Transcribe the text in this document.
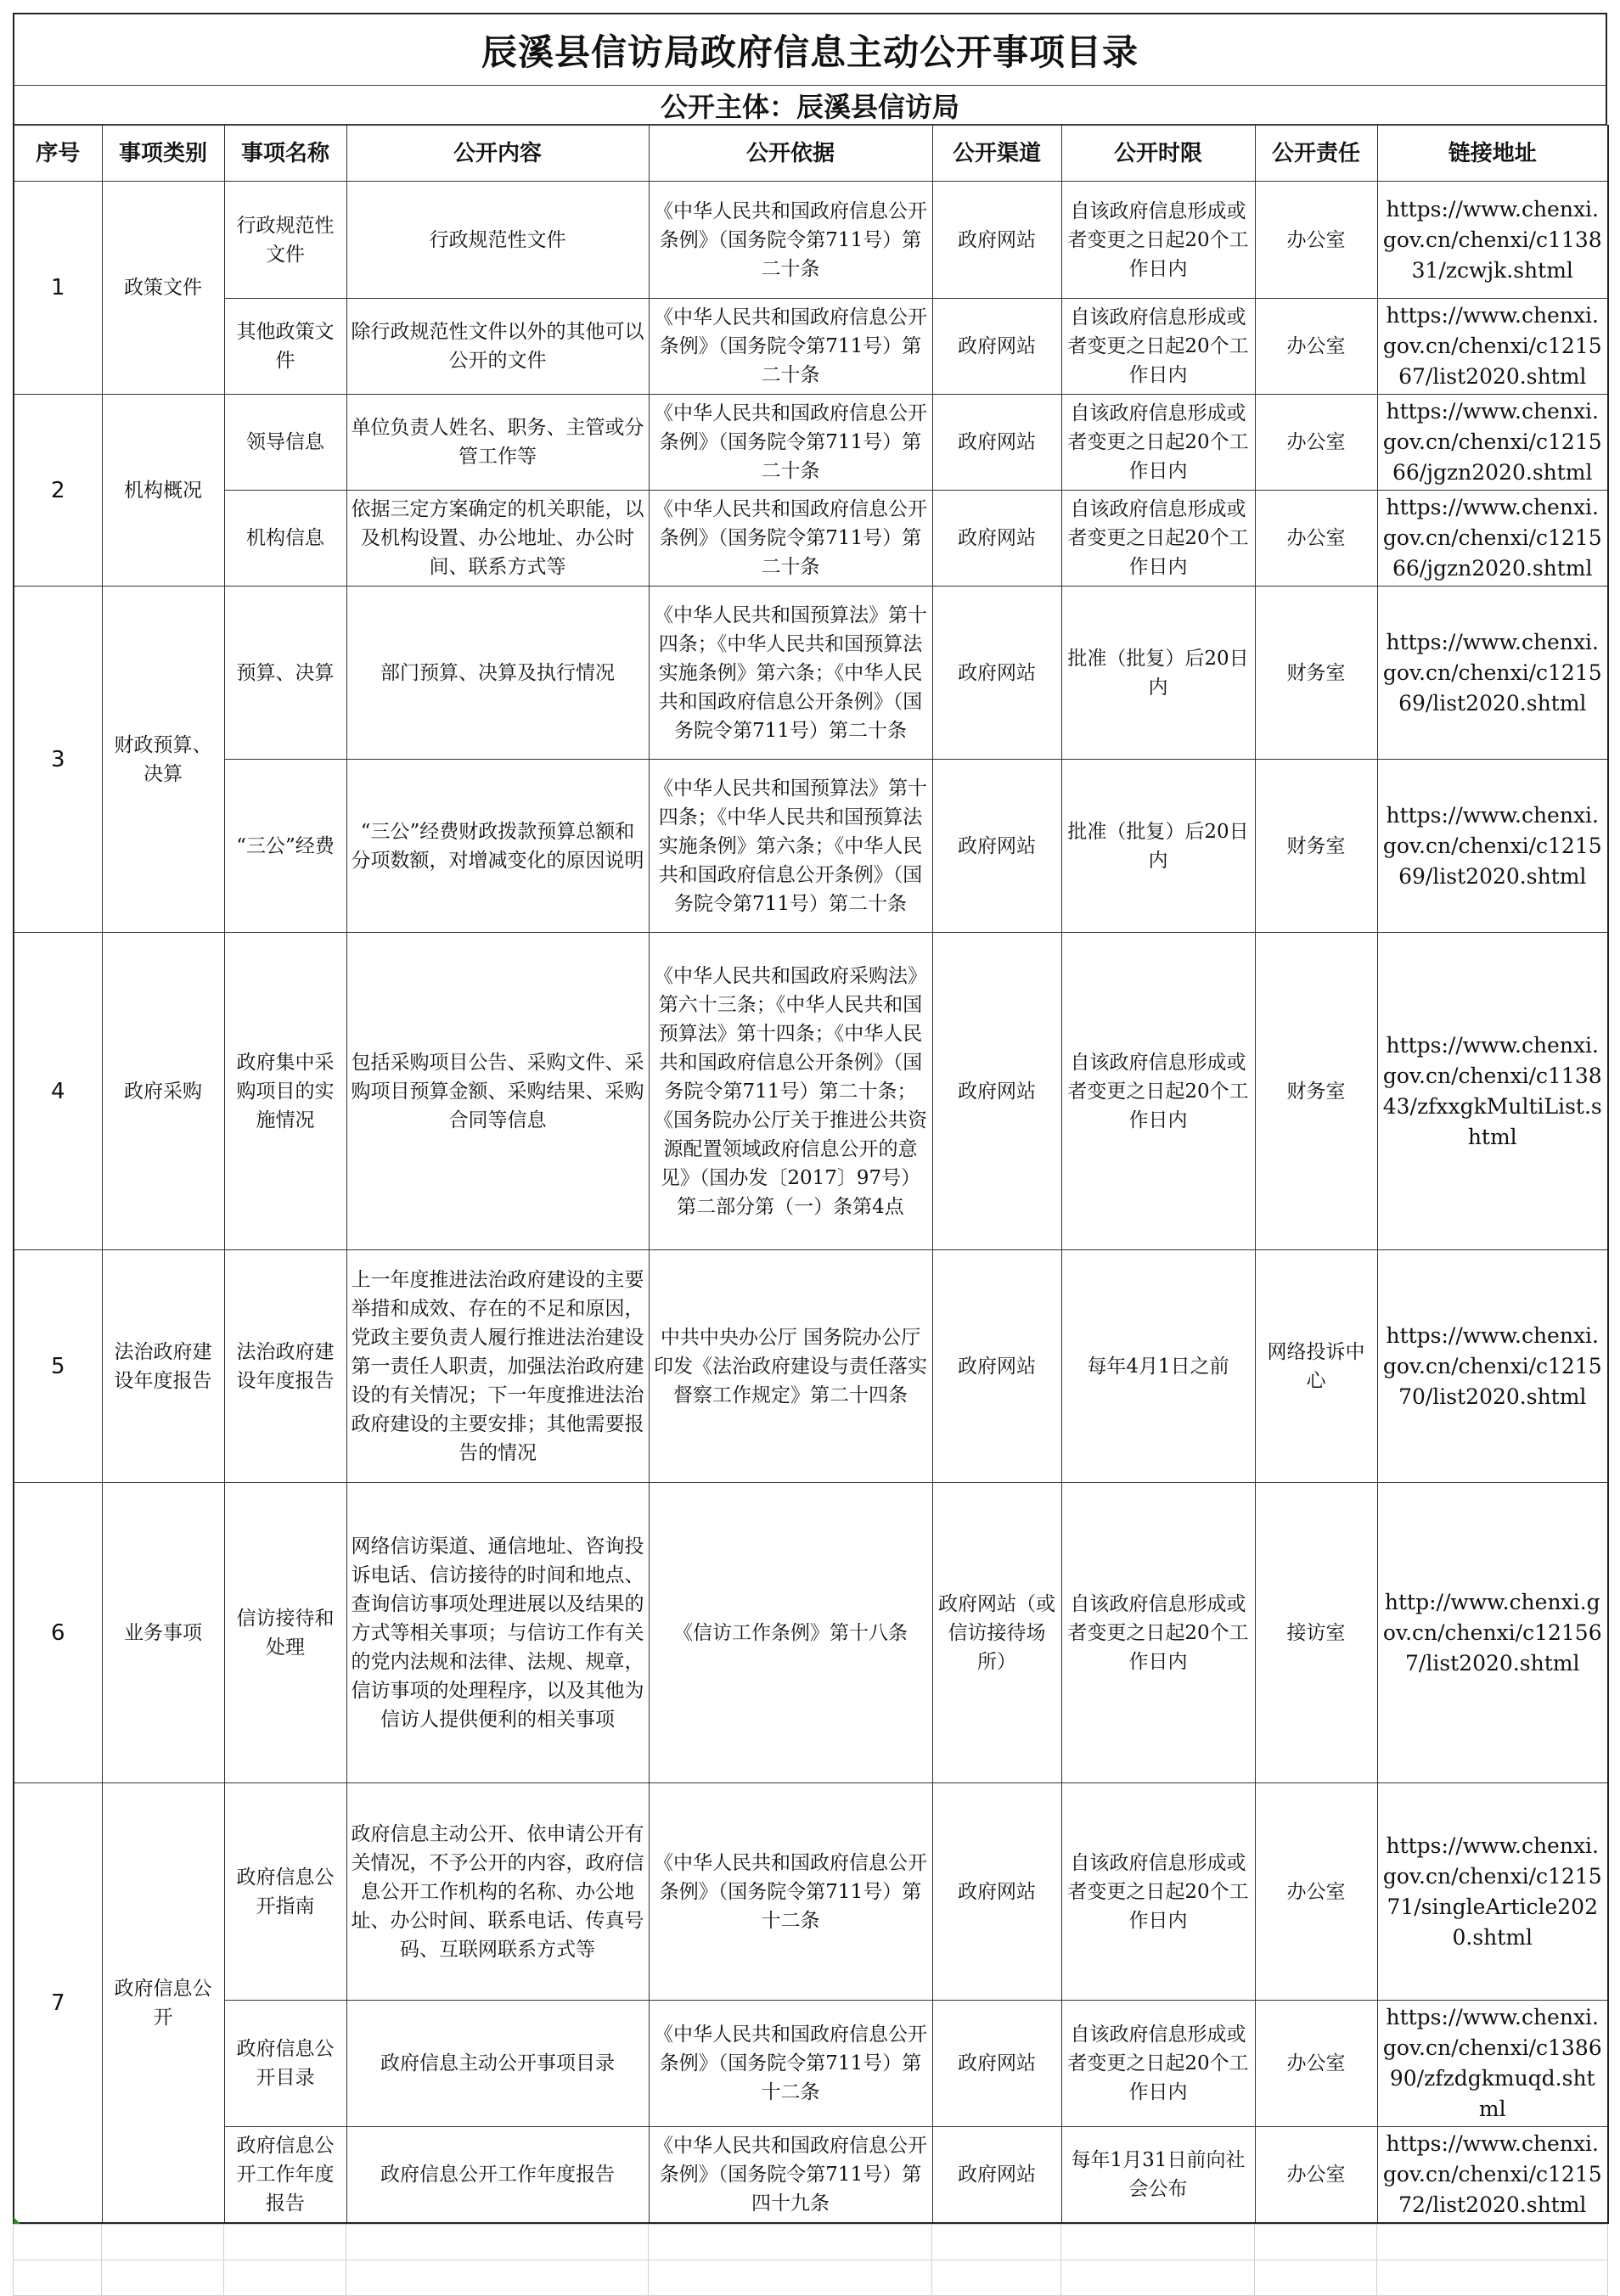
辰溪县信访局政府信息主动公开事项目录
公开主体：辰溪县信访局
序号	事项类别	事项名称	公开内容	公开依据	公开渠道	公开时限	公开责任	链接地址
1	政策文件	行政规范性文件	行政规范性文件	《中华人民共和国政府信息公开条例》（国务院令第711号）第二十条	政府网站	自该政府信息形成或者变更之日起20个工作日内	办公室	https://www.chenxi.gov.cn/chenxi/c113831/zcwjk.shtml
		其他政策文件	除行政规范性文件以外的其他可以公开的文件	《中华人民共和国政府信息公开条例》（国务院令第711号）第二十条	政府网站	自该政府信息形成或者变更之日起20个工作日内	办公室	https://www.chenxi.gov.cn/chenxi/c121567/list2020.shtml
2	机构概况	领导信息	单位负责人姓名、职务、主管或分管工作等	《中华人民共和国政府信息公开条例》（国务院令第711号）第二十条	政府网站	自该政府信息形成或者变更之日起20个工作日内	办公室	https://www.chenxi.gov.cn/chenxi/c121566/jgzn2020.shtml
		机构信息	依据三定方案确定的机关职能，以及机构设置、办公地址、办公时间、联系方式等	《中华人民共和国政府信息公开条例》（国务院令第711号）第二十条	政府网站	自该政府信息形成或者变更之日起20个工作日内	办公室	https://www.chenxi.gov.cn/chenxi/c121566/jgzn2020.shtml
3	财政预算、决算	预算、决算	部门预算、决算及执行情况	《中华人民共和国预算法》第十四条；《中华人民共和国预算法实施条例》第六条；《中华人民共和国政府信息公开条例》（国务院令第711号）第二十条	政府网站	批准（批复）后20日内	财务室	https://www.chenxi.gov.cn/chenxi/c121569/list2020.shtml
		“三公”经费	“三公”经费财政拨款预算总额和分项数额，对增减变化的原因说明	《中华人民共和国预算法》第十四条；《中华人民共和国预算法实施条例》第六条；《中华人民共和国政府信息公开条例》（国务院令第711号）第二十条	政府网站	批准（批复）后20日内	财务室	https://www.chenxi.gov.cn/chenxi/c121569/list2020.shtml
4	政府采购	政府集中采购项目的实施情况	包括采购项目公告、采购文件、采购项目预算金额、采购结果、采购合同等信息	《中华人民共和国政府采购法》第六十三条；《中华人民共和国预算法》第十四条；《中华人民共和国政府信息公开条例》（国务院令第711号）第二十条；《国务院办公厅关于推进公共资源配置领域政府信息公开的意见》（国办发〔2017〕97号）第二部分第（一）条第4点	政府网站	自该政府信息形成或者变更之日起20个工作日内	财务室	https://www.chenxi.gov.cn/chenxi/c113843/zfxxgkMultiList.shtml
5	法治政府建设年度报告	法治政府建设年度报告	上一年度推进法治政府建设的主要举措和成效、存在的不足和原因，党政主要负责人履行推进法治建设第一责任人职责，加强法治政府建设的有关情况；下一年度推进法治政府建设的主要安排；其他需要报告的情况	中共中央办公厅 国务院办公厅印发《法治政府建设与责任落实督察工作规定》第二十四条	政府网站	每年4月1日之前	网络投诉中心	https://www.chenxi.gov.cn/chenxi/c121570/list2020.shtml
6	业务事项	信访接待和处理	网络信访渠道、通信地址、咨询投诉电话、信访接待的时间和地点、查询信访事项处理进展以及结果的方式等相关事项；与信访工作有关的党内法规和法律、法规、规章，信访事项的处理程序，以及其他为信访人提供便利的相关事项	《信访工作条例》第十八条	政府网站（或信访接待场所）	自该政府信息形成或者变更之日起20个工作日内	接访室	http://www.chenxi.gov.cn/chenxi/c121567/list2020.shtml
7	政府信息公开	政府信息公开指南	政府信息主动公开、依申请公开有关情况，不予公开的内容，政府信息公开工作机构的名称、办公地址、办公时间、联系电话、传真号码、互联网联系方式等	《中华人民共和国政府信息公开条例》（国务院令第711号）第十二条	政府网站	自该政府信息形成或者变更之日起20个工作日内	办公室	https://www.chenxi.gov.cn/chenxi/c121571/singleArticle2020.shtml
		政府信息公开目录	政府信息主动公开事项目录	《中华人民共和国政府信息公开条例》（国务院令第711号）第十二条	政府网站	自该政府信息形成或者变更之日起20个工作日内	办公室	https://www.chenxi.gov.cn/chenxi/c138690/zfzdgkmuqd.shtml
		政府信息公开工作年度报告	政府信息公开工作年度报告	《中华人民共和国政府信息公开条例》（国务院令第711号）第四十九条	政府网站	每年1月31日前向社会公布	办公室	https://www.chenxi.gov.cn/chenxi/c121572/list2020.shtml
